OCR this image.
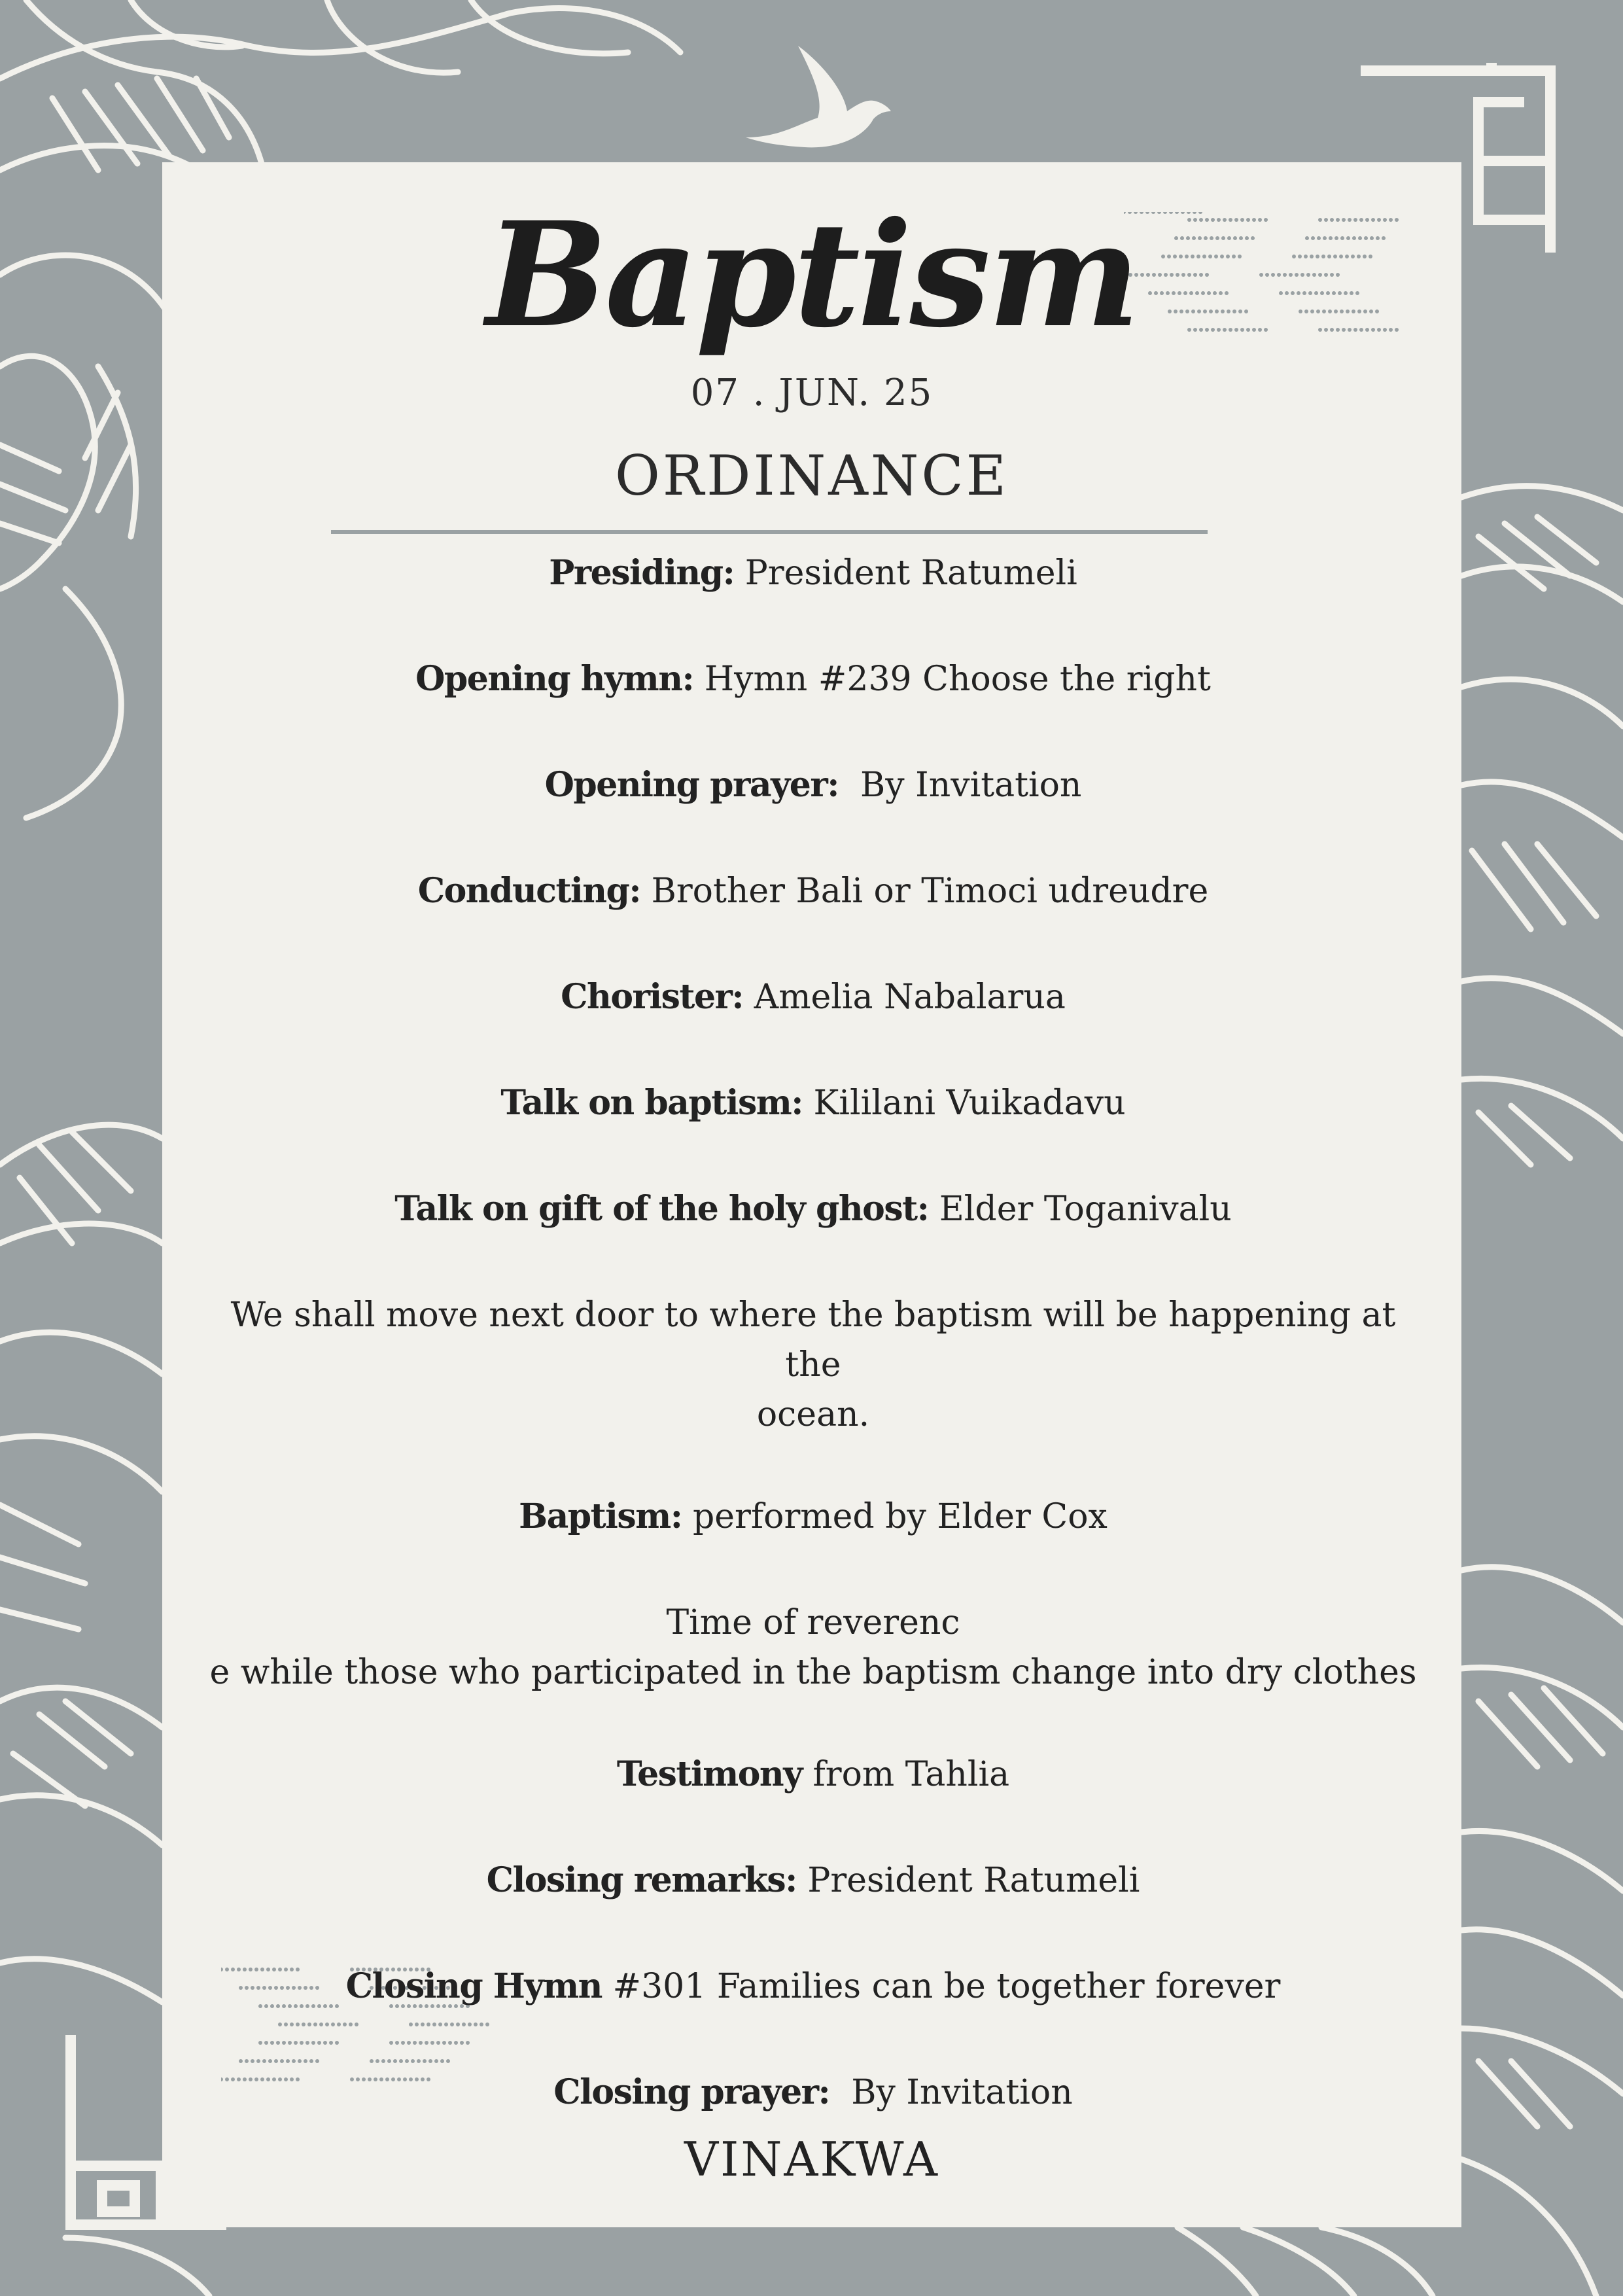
Baptism
07 . JUN. 25
ORDINANCE

Presiding: President Ratumeli

Opening hymn: Hymn #239 Choose the right

Opening prayer:  By Invitation

Conducting: Brother Bali or Timoci udreudre

Chorister: Amelia Nabalarua

Talk on baptism: Kililani Vuikadavu

Talk on gift of the holy ghost: Elder Toganivalu

We shall move next door to where the baptism will be happening at the

ocean.

Baptism: performed by Elder Cox

Time of reverenc

e while those who participated in the baptism change into dry clothes

Testimony from Tahlia

Closing remarks: President Ratumeli

Closing Hymn #301 Families can be together forever

Closing prayer:  By Invitation

VINAKWA
